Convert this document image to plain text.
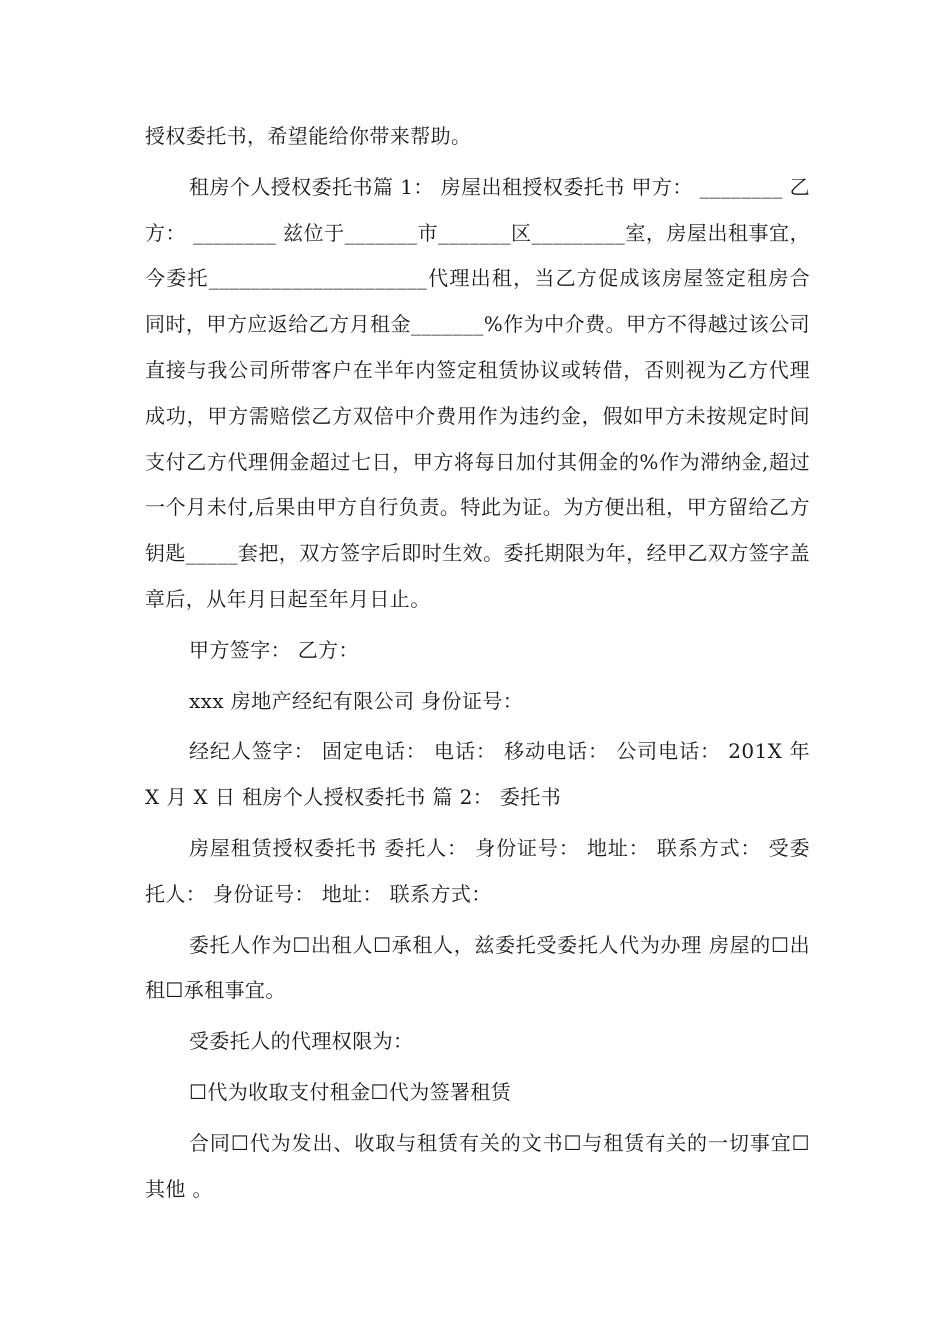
授权委托书，希望能给你带来帮助。

租房个人授权委托书篇 1： 房屋出租授权委托书 甲方： ________ 乙方： ________ 兹位于_______市_______区_________室，房屋出租事宜，今委托_____________________代理出租，当乙方促成该房屋签定租房合同时，甲方应返给乙方月租金_______%作为中介费。甲方不得越过该公司直接与我公司所带客户在半年内签定租赁协议或转借，否则视为乙方代理成功，甲方需赔偿乙方双倍中介费用作为违约金，假如甲方未按规定时间支付乙方代理佣金超过七日，甲方将每日加付其佣金的%作为滞纳金,超过一个月未付,后果由甲方自行负责。特此为证。为方便出租，甲方留给乙方钥匙_____套把，双方签字后即时生效。委托期限为年，经甲乙双方签字盖章后，从年月日起至年月日止。

甲方签字： 乙方：

xxx 房地产经纪有限公司 身份证号：

经纪人签字： 固定电话： 电话： 移动电话： 公司电话： 201X 年 X 月 X 日 租房个人授权委托书 篇 2： 委托书

房屋租赁授权委托书 委托人： 身份证号： 地址： 联系方式： 受委托人： 身份证号： 地址： 联系方式：

委托人作为☐出租人☐承租人，兹委托受委托人代为办理 房屋的☐出租☐承租事宜。

受委托人的代理权限为：

☐代为收取支付租金☐代为签署租赁

合同☐代为发出、收取与租赁有关的文书☐与租赁有关的一切事宜☐其他 。
